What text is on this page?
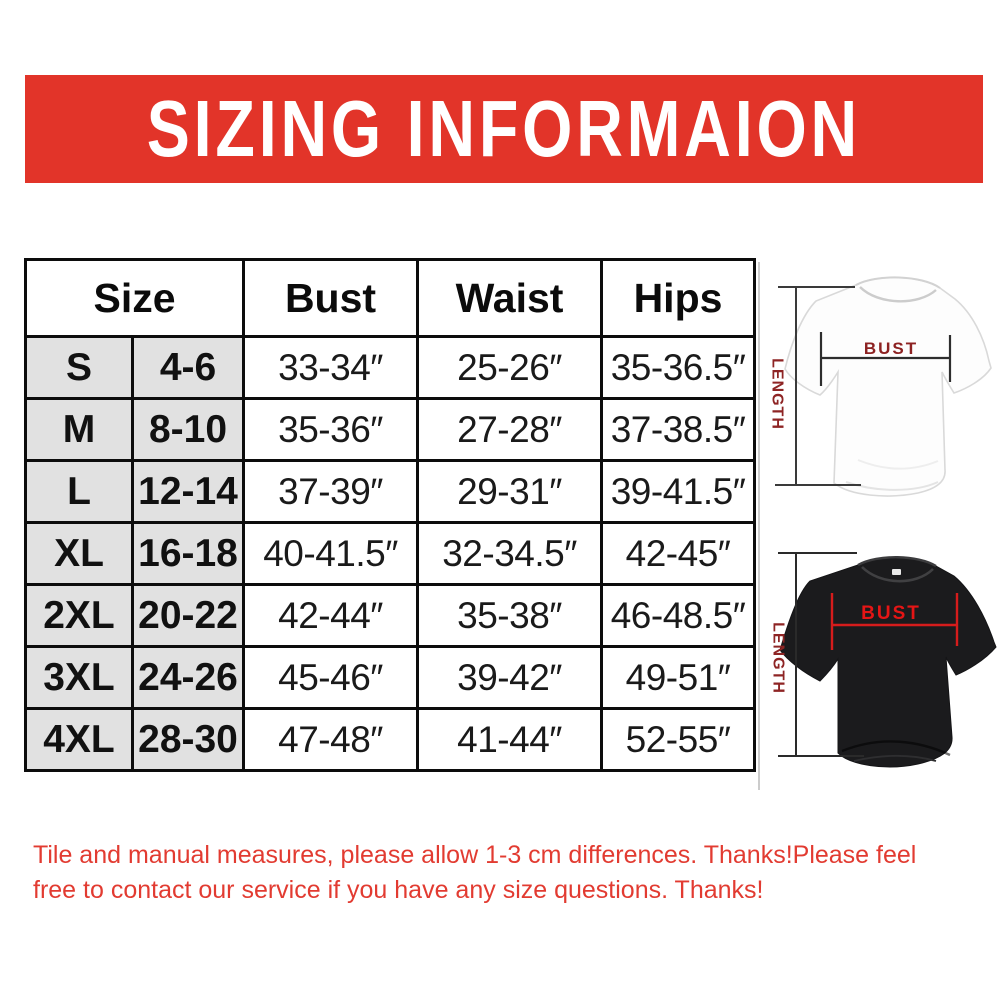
SIZING INFORMAION
Size		Bust	Waist	Hips
S	4-6	33-34″	25-26″	35-36.5″
M	8-10	35-36″	27-28″	37-38.5″
L	12-14	37-39″	29-31″	39-41.5″
XL	16-18	40-41.5″	32-34.5″	42-45″
2XL	20-22	42-44″	35-38″	46-48.5″
3XL	24-26	45-46″	39-42″	49-51″
4XL	28-30	47-48″	41-44″	52-55″
LENGTH
BUST
LENGTH
BUST
Tile and manual measures, please allow 1-3 cm differences. Thanks!Please feel
free to contact our service if you have any size questions. Thanks!
